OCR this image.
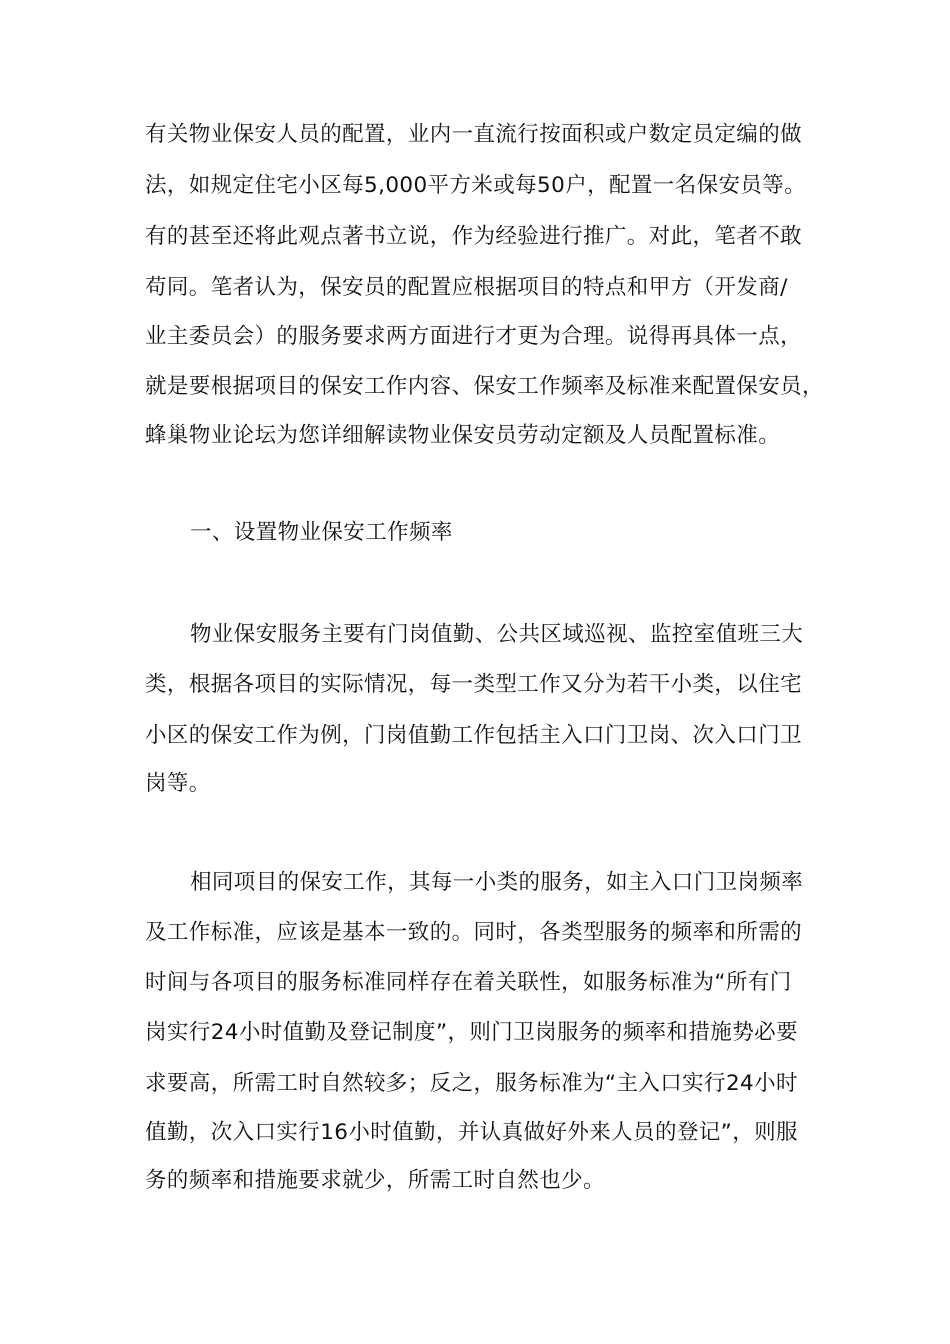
有关物业保安人员的配置，业内一直流行按面积或户数定员定编的做
法，如规定住宅小区每5,000平方米或每50户，配置一名保安员等。
有的甚至还将此观点著书立说，作为经验进行推广。对此，笔者不敢
苟同。笔者认为，保安员的配置应根据项目的特点和甲方（开发商/
业主委员会）的服务要求两方面进行才更为合理。说得再具体一点，
就是要根据项目的保安工作内容、保安工作频率及标准来配置保安员，
蜂巢物业论坛为您详细解读物业保安员劳动定额及人员配置标准。
一、设置物业保安工作频率
物业保安服务主要有门岗值勤、公共区域巡视、监控室值班三大
类，根据各项目的实际情况，每一类型工作又分为若干小类，以住宅
小区的保安工作为例，门岗值勤工作包括主入口门卫岗、次入口门卫
岗等。
相同项目的保安工作，其每一小类的服务，如主入口门卫岗频率
及工作标准，应该是基本一致的。同时，各类型服务的频率和所需的
时间与各项目的服务标准同样存在着关联性，如服务标准为“所有门
岗实行24小时值勤及登记制度”，则门卫岗服务的频率和措施势必要
求要高，所需工时自然较多；反之，服务标准为“主入口实行24小时
值勤，次入口实行16小时值勤，并认真做好外来人员的登记”，则服
务的频率和措施要求就少，所需工时自然也少。
